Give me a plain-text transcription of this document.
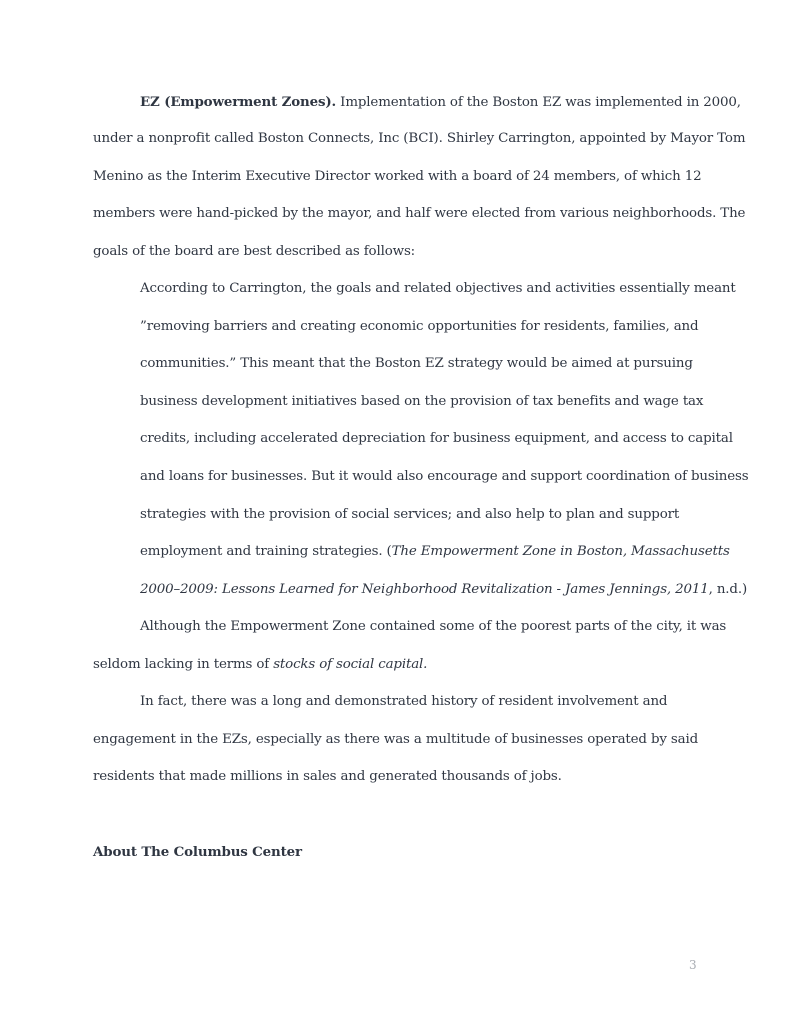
EZ (Empowerment Zones). Implementation of the Boston EZ was implemented in 2000,
under a nonprofit called Boston Connects, Inc (BCI). Shirley Carrington, appointed by Mayor Tom
Menino as the Interim Executive Director worked with a board of 24 members, of which 12
members were hand-picked by the mayor, and half were elected from various neighborhoods. The
goals of the board are best described as follows:
According to Carrington, the goals and related objectives and activities essentially meant
”removing barriers and creating economic opportunities for residents, families, and
communities.” This meant that the Boston EZ strategy would be aimed at pursuing
business development initiatives based on the provision of tax benefits and wage tax
credits, including accelerated depreciation for business equipment, and access to capital
and loans for businesses. But it would also encourage and support coordination of business
strategies with the provision of social services; and also help to plan and support
employment and training strategies. (The Empowerment Zone in Boston, Massachusetts
2000–2009: Lessons Learned for Neighborhood Revitalization - James Jennings, 2011, n.d.)
Although the Empowerment Zone contained some of the poorest parts of the city, it was
seldom lacking in terms of stocks of social capital.
In fact, there was a long and demonstrated history of resident involvement and
engagement in the EZs, especially as there was a multitude of businesses operated by said
residents that made millions in sales and generated thousands of jobs.
About The Columbus Center
3
